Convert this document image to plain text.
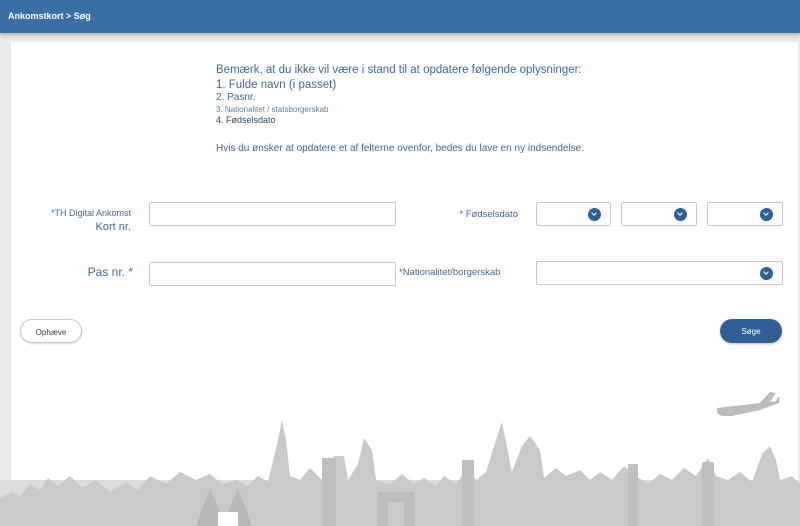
Ankomstkort > Søg

Bemærk, at du ikke vil være i stand til at opdatere følgende oplysninger:

1. Fulde navn (i passet)
2. Pasnr.
3. Nationalitet / statsborgerskab
4. Fødselsdato
Hvis du ønsker at opdatere et af felterne ovenfor, bedes du lave en ny indsendelse.
*TH Digital Ankomst
Kort nr.
* Fødselsdato
Pas nr. *	*Nationalitet/borgerskab
Ophæve	Søge
